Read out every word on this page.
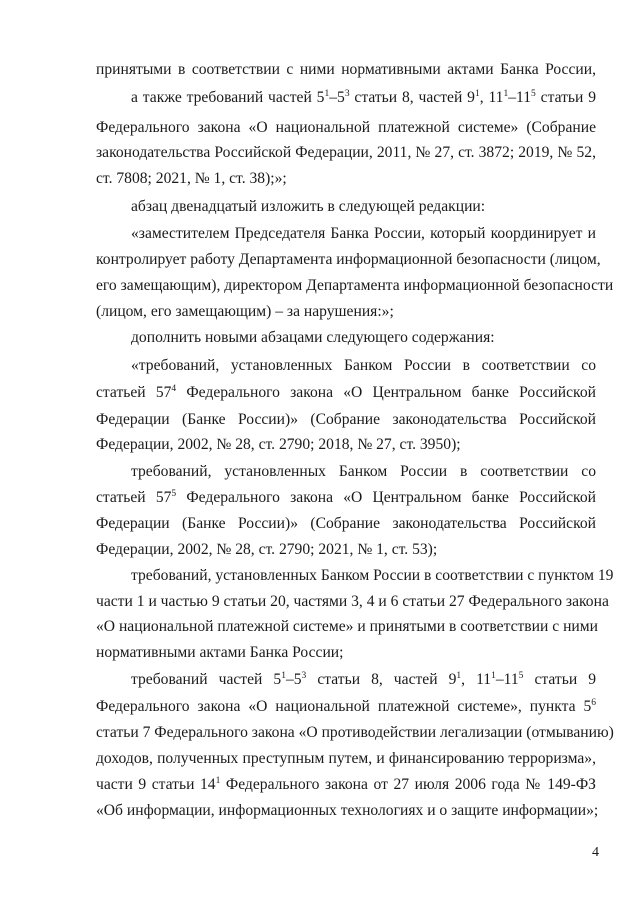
принятыми в соответствии с ними нормативными актами Банка России,
а также требований частей $5^1-5^3$ статьи 8, частей $9^1$, $11^1-11^5$ статьи 9
Федерального закона «О национальной платежной системе» (Собрание
законодательства Российской Федерации, 2011, № 27, ст. 3872; 2019, № 52,
ст. 7808; 2021, № 1, ст. 38);»;
абзац двенадцатый изложить в следующей редакции:
«заместителем Председателя Банка России, который координирует и
контролирует работу Департамента информационной безопасности (лицом,
его замещающим), директором Департамента информационной безопасности
(лицом, его замещающим) – за нарушения:»;
дополнить новыми абзацами следующего содержания:
«требований, установленных Банком России в соответствии со
статьей $57^4$ Федерального закона «О Центральном банке Российской
Федерации (Банке России)» (Собрание законодательства Российской
Федерации, 2002, № 28, ст. 2790; 2018, № 27, ст. 3950);
требований, установленных Банком России в соответствии со
статьей $57^5$ Федерального закона «О Центральном банке Российской
Федерации (Банке России)» (Собрание законодательства Российской
Федерации, 2002, № 28, ст. 2790; 2021, № 1, ст. 53);
требований, установленных Банком России в соответствии с пунктом 19
части 1 и частью 9 статьи 20, частями 3, 4 и 6 статьи 27 Федерального закона
«О национальной платежной системе» и принятыми в соответствии с ними
нормативными актами Банка России;
требований частей $5^1-5^3$ статьи 8, частей $9^1$, $11^1-11^5$ статьи 9
Федерального закона «О национальной платежной системе», пункта $5^6$
статьи 7 Федерального закона «О противодействии легализации (отмыванию)
доходов, полученных преступным путем, и финансированию терроризма»,
части 9 статьи $14^1$ Федерального закона от 27 июля 2006 года № 149-ФЗ
«Об информации, информационных технологиях и о защите информации»;
4
